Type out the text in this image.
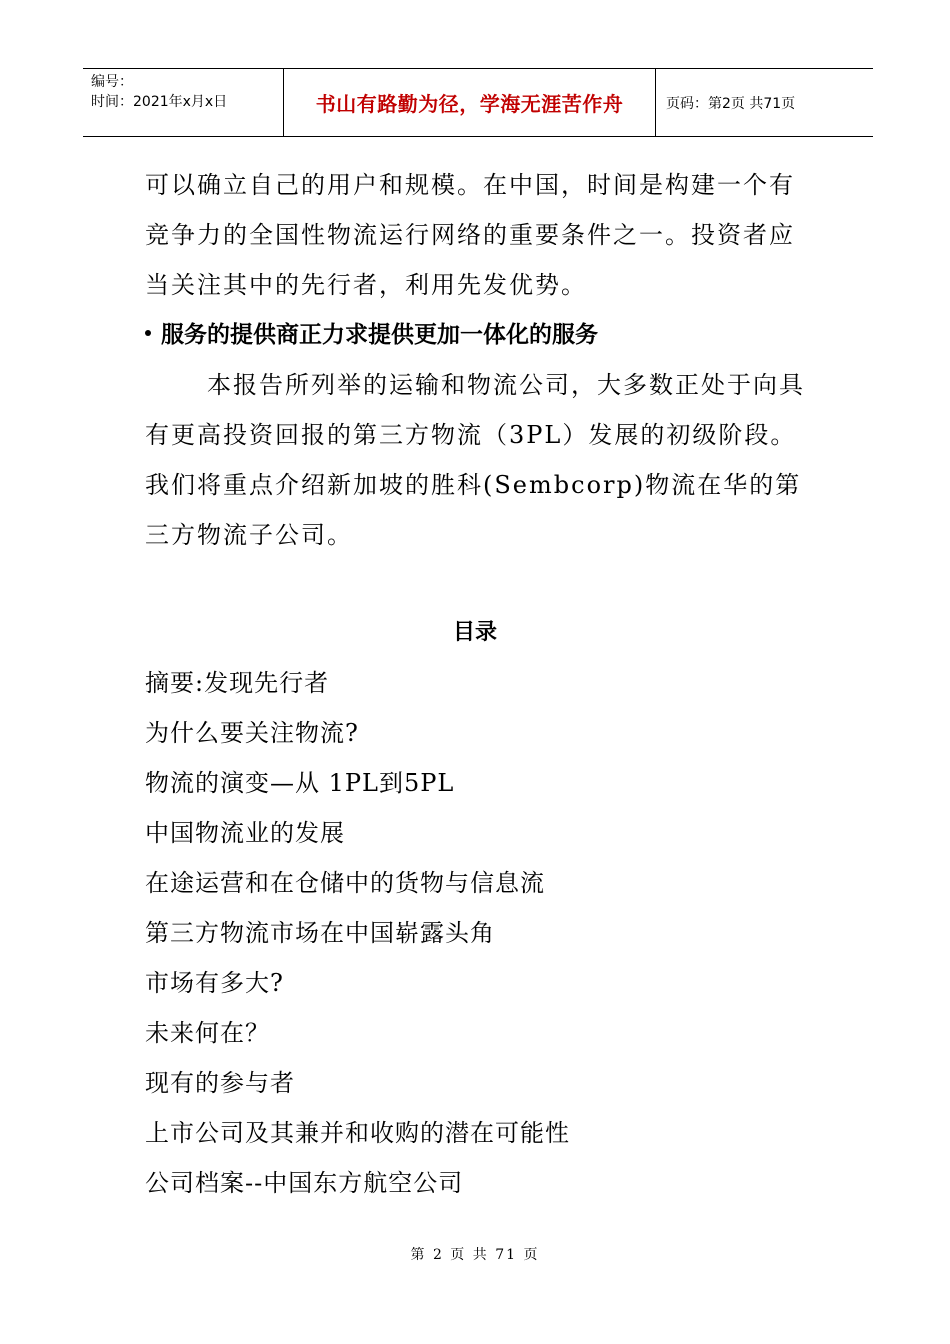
编号：
时间：2021年x月x日	书山有路勤为径，学海无涯苦作舟	页码：第2页 共71页

可以确立自己的用户和规模。在中国，时间是构建一个有竞争力的全国性物流运行网络的重要条件之一。投资者应当关注其中的先行者，利用先发优势。

服务的提供商正力求提供更加一体化的服务

本报告所列举的运输和物流公司，大多数正处于向具有更高投资回报的第三方物流（3PL）发展的初级阶段。我们将重点介绍新加坡的胜科(Sembcorp)物流在华的第三方物流子公司。

目录
摘要:发现先行者
为什么要关注物流?
物流的演变—从 1PL到5PL
中国物流业的发展
在途运营和在仓储中的货物与信息流
第三方物流市场在中国崭露头角
市场有多大?
未来何在？
现有的参与者
上市公司及其兼并和收购的潜在可能性
公司档案--中国东方航空公司
第 2 页 共 71 页
